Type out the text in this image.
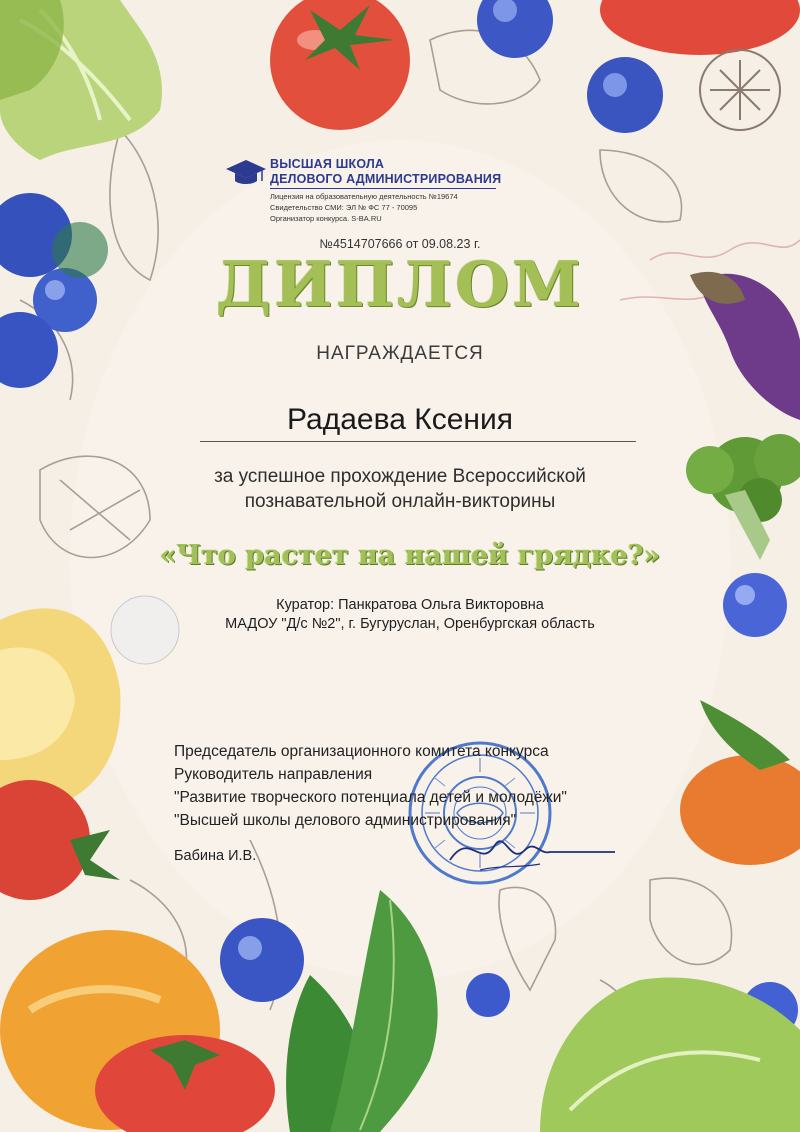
ВЫСШАЯ ШКОЛА
ДЕЛОВОГО АДМИНИСТРИРОВАНИЯ
Лицензия на образовательную деятельность №19674
Свидетельство СМИ: ЭЛ № ФС 77 - 70095
Организатор конкурса. S-BA.RU
№4514707666 от 09.08.23 г.
ДИПЛОМ
НАГРАЖДАЕТСЯ
Радаева Ксения
за успешное прохождение Всероссийской
познавательной онлайн-викторины
«Что растет на нашей грядке?»
Куратор: Панкратова Ольга Викторовна
МАДОУ "Д/с №2", г. Бугуруслан, Оренбургская область
Председатель организационного комитета конкурса
Руководитель направления
"Развитие творческого потенциала детей и молодёжи"
"Высшей школы делового администрирования"
Бабина И.В.
